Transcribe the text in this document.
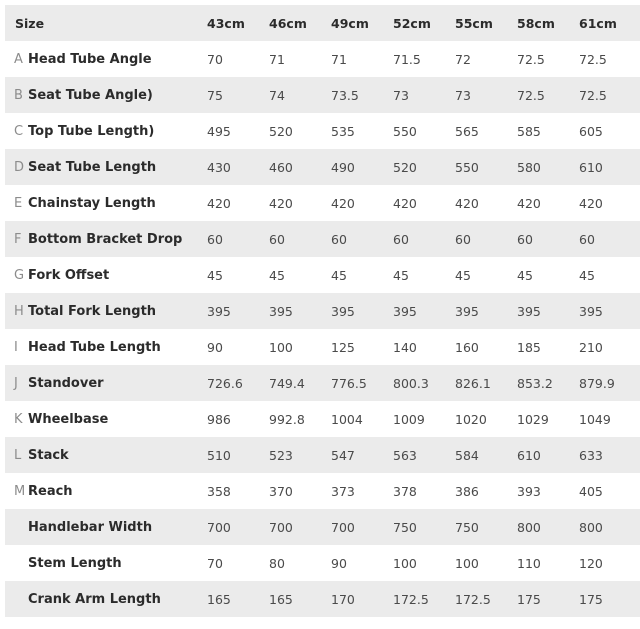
Size		43cm	46cm	49cm	52cm	55cm	58cm	61cm
A	Head Tube Angle	70	71	71	71.5	72	72.5	72.5
B	Seat Tube Angle)	75	74	73.5	73	73	72.5	72.5
C	Top Tube Length)	495	520	535	550	565	585	605
D	Seat Tube Length	430	460	490	520	550	580	610
E	Chainstay Length	420	420	420	420	420	420	420
F	Bottom Bracket Drop	60	60	60	60	60	60	60
G	Fork Offset	45	45	45	45	45	45	45
H	Total Fork Length	395	395	395	395	395	395	395
I	Head Tube Length	90	100	125	140	160	185	210
J	Standover	726.6	749.4	776.5	800.3	826.1	853.2	879.9
K	Wheelbase	986	992.8	1004	1009	1020	1029	1049
L	Stack	510	523	547	563	584	610	633
M	Reach	358	370	373	378	386	393	405
	Handlebar Width	700	700	700	750	750	800	800
	Stem Length	70	80	90	100	100	110	120
	Crank Arm Length	165	165	170	172.5	172.5	175	175
